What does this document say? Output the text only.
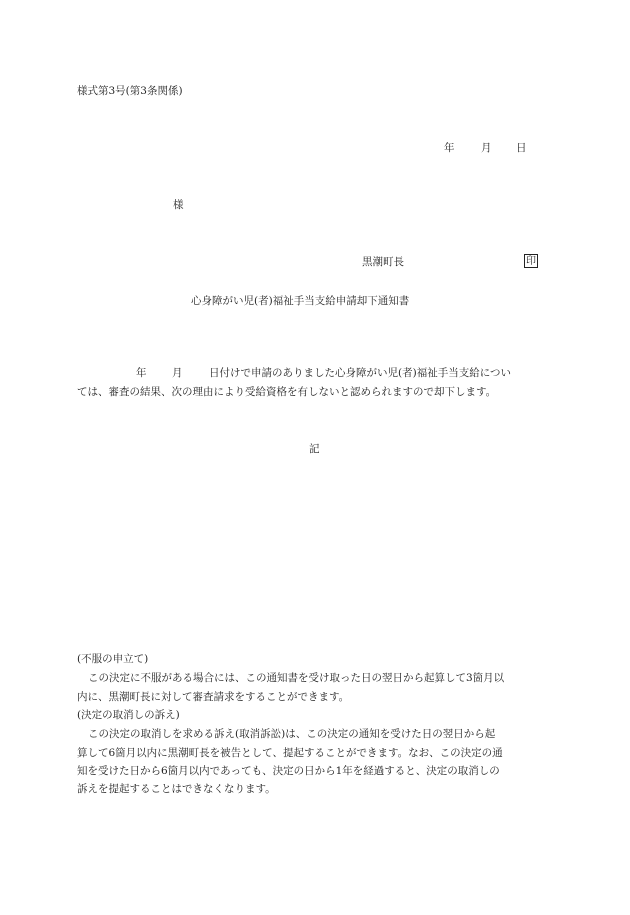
様式第3号(第3条関係)
年	月 日
様
黒潮町長	印
心身障がい児(者)福祉手当支給申請却下通知書
年 月	日付けで申請のありました心身障がい児(者)福祉手当支給につい
ては、審査の結果、次の理由により受給資格を有しないと認められますので却下します。
記
(不服の申立て)
この決定に不服がある場合には、この通知書を受け取った日の翌日から起算して3箇月以
内に、黒潮町長に対して審査請求をすることができます。
(決定の取消しの訴え)
この決定の取消しを求める訴え(取消訴訟)は、この決定の通知を受けた日の翌日から起
算して6箇月以内に黒潮町長を被告として、提起することができます。なお、この決定の通
知を受けた日から6箇月以内であっても、決定の日から1年を経過すると、決定の取消しの
訴えを提起することはできなくなります。
